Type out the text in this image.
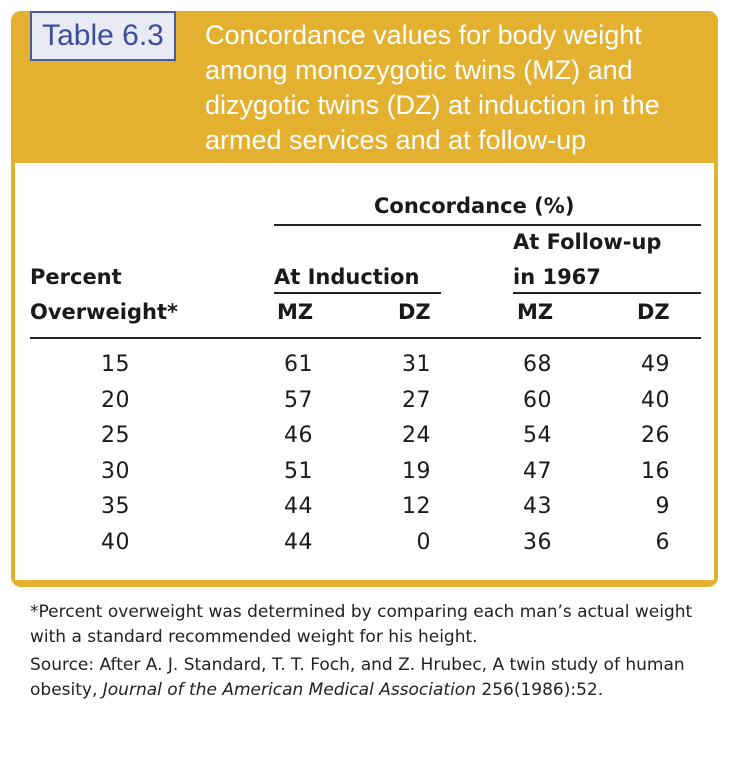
Table 6.3	Concordance values for body weight among monozygotic twins (MZ) and dizygotic twins (DZ) at induction in the armed services and at follow-up
Concordance (%)
At Follow-up
Percent	At Induction	in 1967
Overweight*	MZ	DZ	MZ	DZ
15	61	31	68	49
20	57	27	60	40
25	46	24	54	26
30	51	19	47	16
35	44	12	43	9
40	44	0	36	6

*Percent overweight was determined by comparing each man’s actual weight with a standard recommended weight for his height.

Source: After A. J. Standard, T. T. Foch, and Z. Hrubec, A twin study of human obesity, Journal of the American Medical Association 256(1986):52.
